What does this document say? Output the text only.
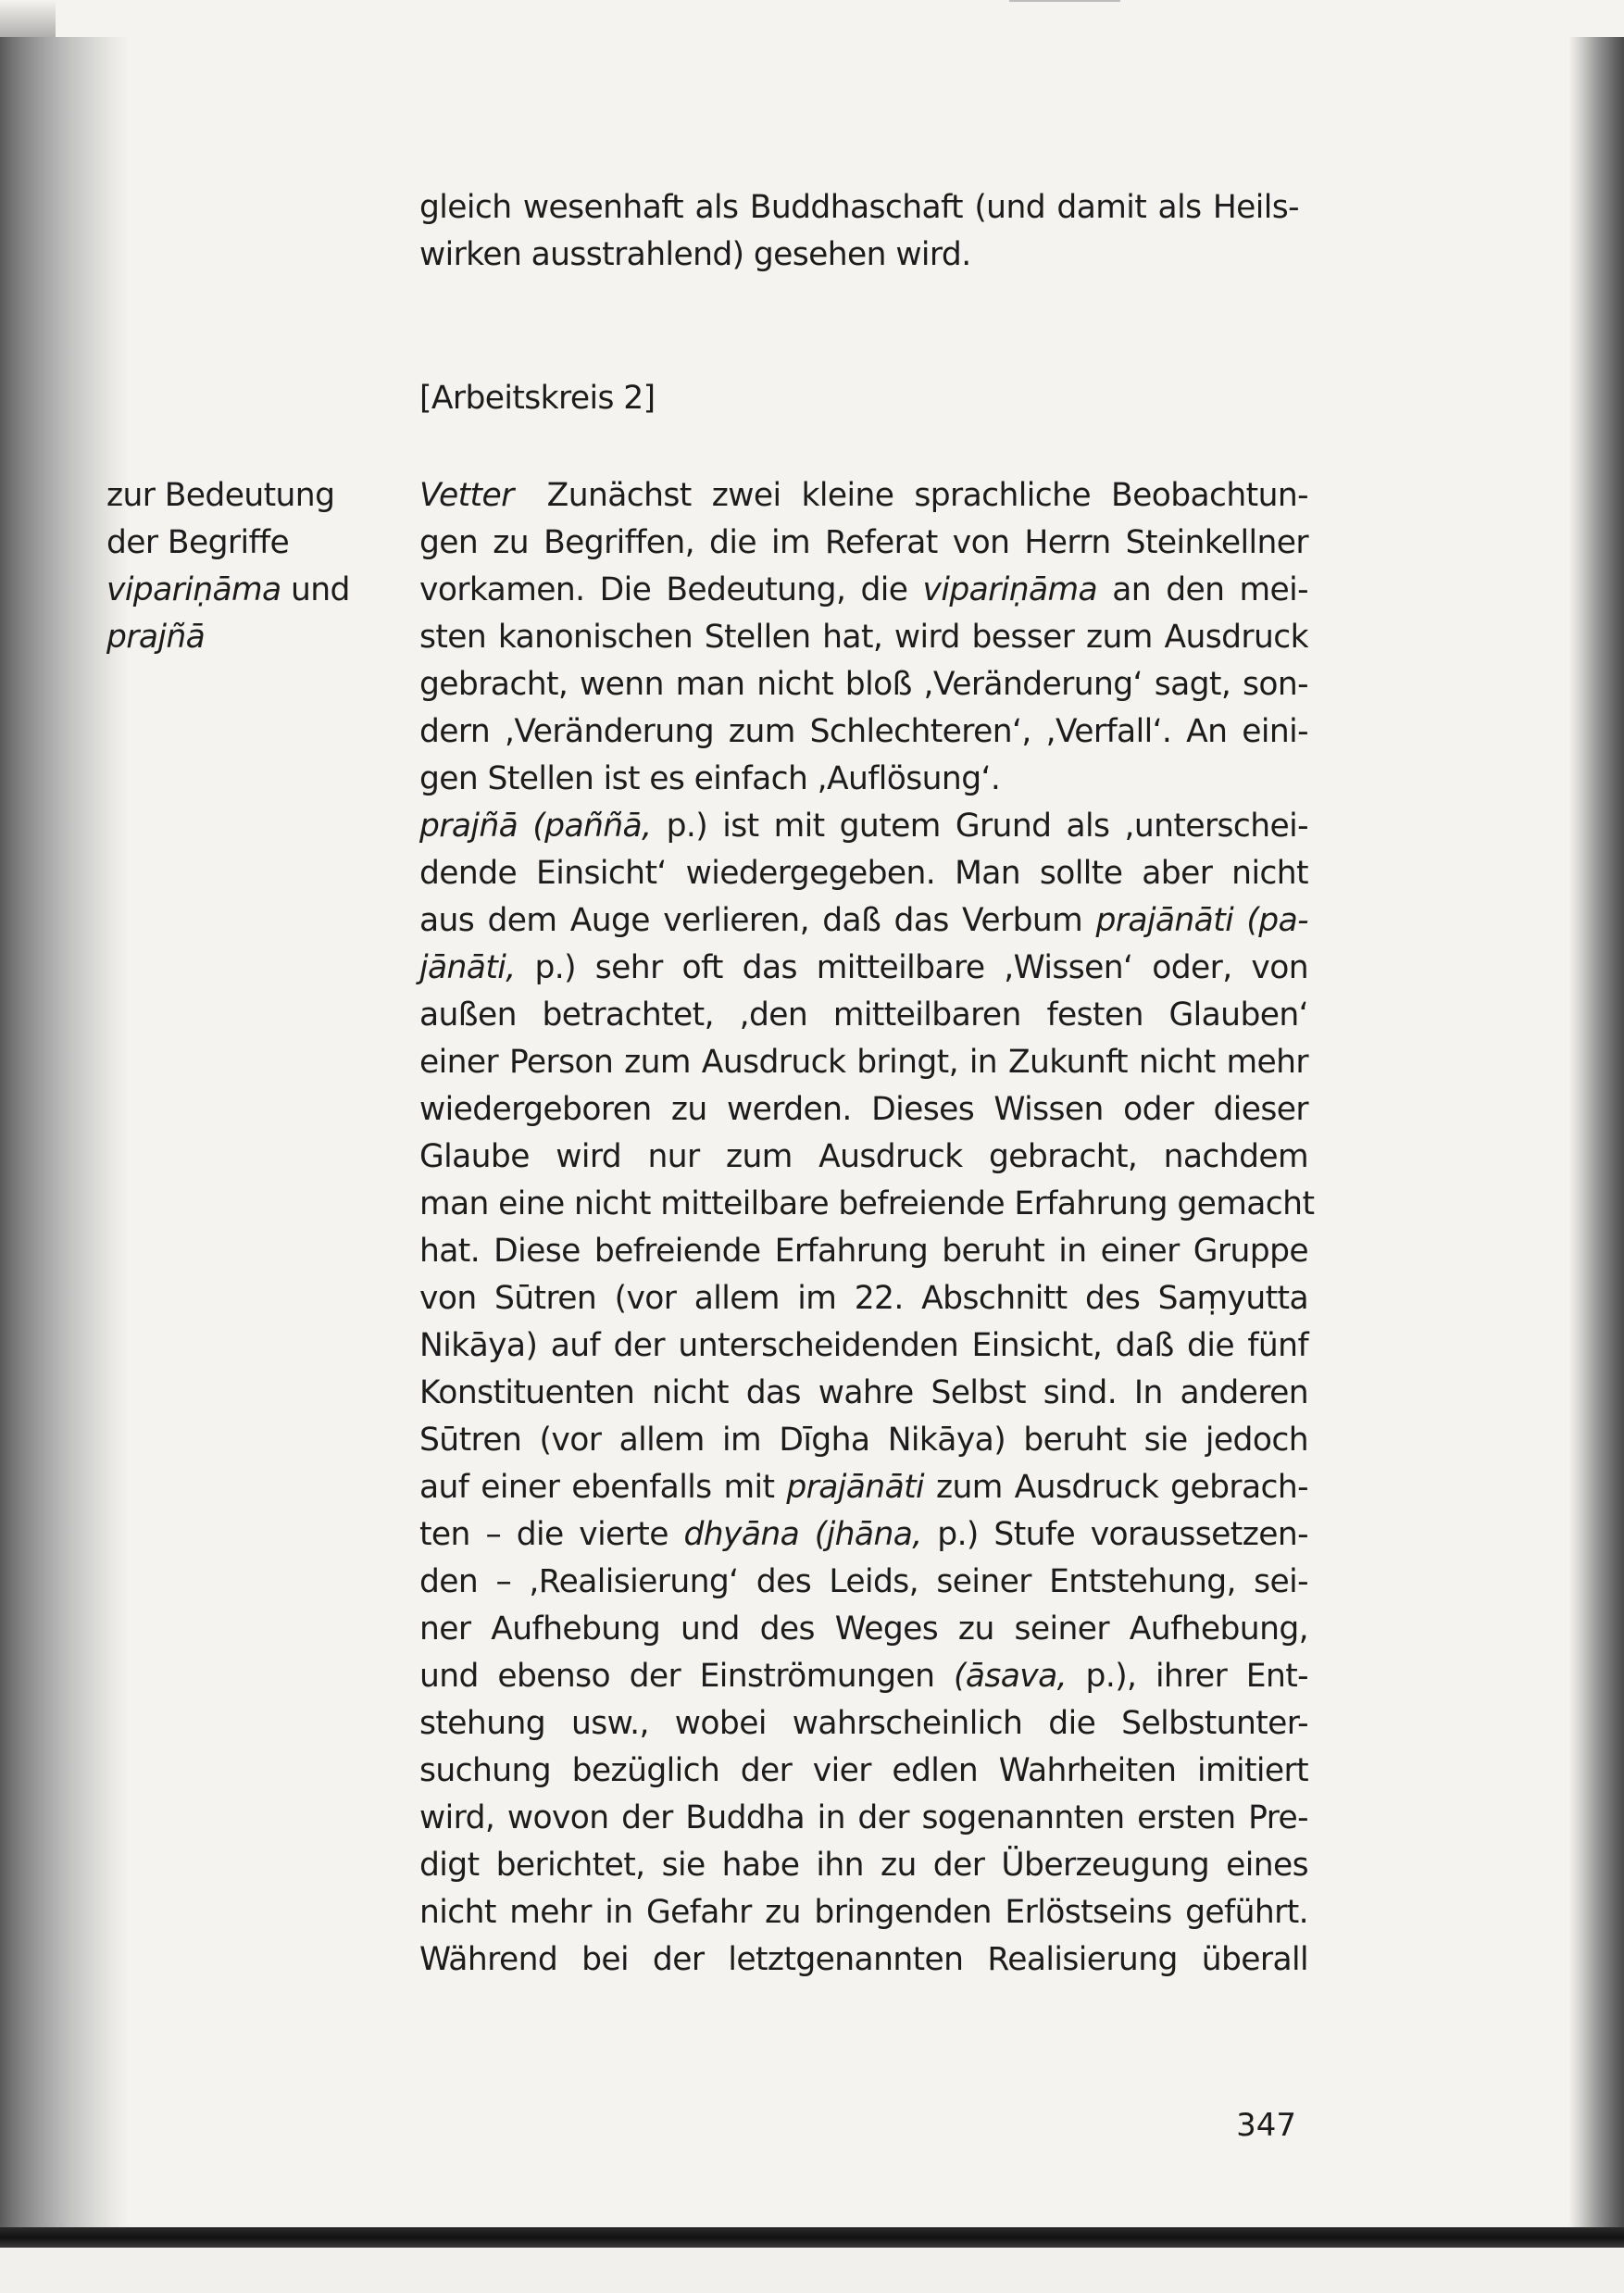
gleich wesenhaft als Buddhaschaft (und damit als Heils-
wirken ausstrahlend) gesehen wird.
[Arbeitskreis 2]
zur Bedeutung
der Begriffe
vipariṇāma und
prajñā
Vetter Zunächst zwei kleine sprachliche Beobachtun-
gen zu Begriffen, die im Referat von Herrn Steinkellner
vorkamen. Die Bedeutung, die vipariṇāma an den mei-
sten kanonischen Stellen hat, wird besser zum Ausdruck
gebracht, wenn man nicht bloß ,Veränderung‘ sagt, son-
dern ,Veränderung zum Schlechteren‘, ,Verfall‘. An eini-
gen Stellen ist es einfach ,Auflösung‘.
prajñā (paññā, p.) ist mit gutem Grund als ,unterschei-
dende Einsicht‘ wiedergegeben. Man sollte aber nicht
aus dem Auge verlieren, daß das Verbum prajānāti (pa-
jānāti, p.) sehr oft das mitteilbare ,Wissen‘ oder, von
außen betrachtet, ,den mitteilbaren festen Glauben‘
einer Person zum Ausdruck bringt, in Zukunft nicht mehr
wiedergeboren zu werden. Dieses Wissen oder dieser
Glaube wird nur zum Ausdruck gebracht, nachdem
man eine nicht mitteilbare befreiende Erfahrung gemacht
hat. Diese befreiende Erfahrung beruht in einer Gruppe
von Sūtren (vor allem im 22. Abschnitt des Saṃyutta
Nikāya) auf der unterscheidenden Einsicht, daß die fünf
Konstituenten nicht das wahre Selbst sind. In anderen
Sūtren (vor allem im Dīgha Nikāya) beruht sie jedoch
auf einer ebenfalls mit prajānāti zum Ausdruck gebrach-
ten – die vierte dhyāna (jhāna, p.) Stufe voraussetzen-
den – ,Realisierung‘ des Leids, seiner Entstehung, sei-
ner Aufhebung und des Weges zu seiner Aufhebung,
und ebenso der Einströmungen (āsava, p.), ihrer Ent-
stehung usw., wobei wahrscheinlich die Selbstunter-
suchung bezüglich der vier edlen Wahrheiten imitiert
wird, wovon der Buddha in der sogenannten ersten Pre-
digt berichtet, sie habe ihn zu der Überzeugung eines
nicht mehr in Gefahr zu bringenden Erlöstseins geführt.
Während bei der letztgenannten Realisierung überall
347
